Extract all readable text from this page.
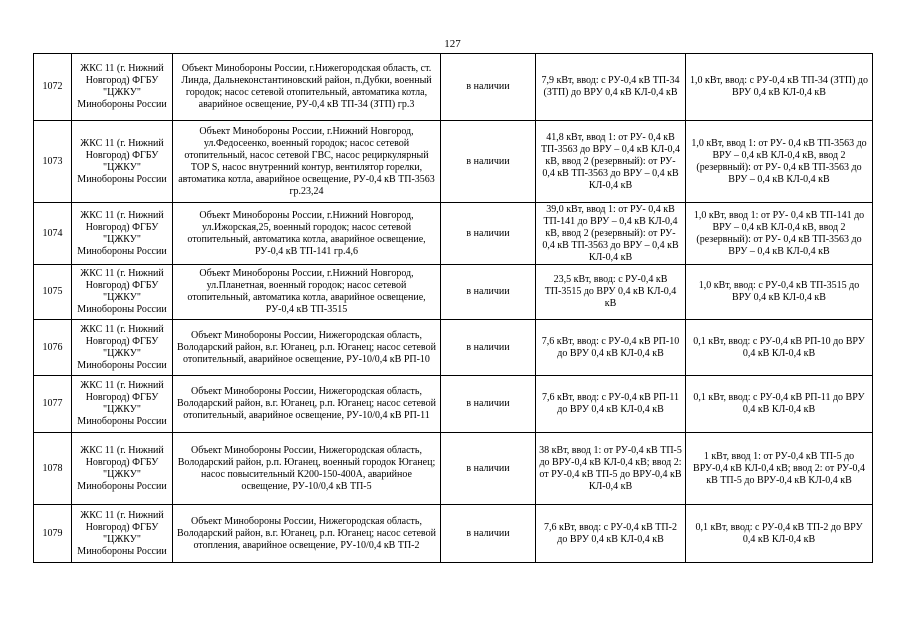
127
1072	ЖКС 11 (г. Нижний Новгород) ФГБУ "ЦЖКУ" Минобороны России	Объект Минобороны России, г.Нижегородская область, ст. Линда, Дальнеконстантиновский район, п.Дубки, военный городок; насос сетевой отопительный, автоматика котла, аварийное освещение, РУ-0,4 кВ ТП-34 (ЗТП) гр.3	в наличии	7,9 кВт, ввод: с РУ-0,4 кВ ТП-34 (ЗТП) до ВРУ 0,4 кВ КЛ-0,4 кВ	1,0 кВт, ввод: с РУ-0,4 кВ ТП-34 (ЗТП) до ВРУ 0,4 кВ КЛ-0,4 кВ
1073	ЖКС 11 (г. Нижний Новгород) ФГБУ "ЦЖКУ" Минобороны России	Объект Минобороны России, г.Нижний Новгород, ул.Федосеенко, военный городок; насос сетевой отопительный, насос сетевой ГВС, насос рециркулярный TOP S, насос внутренний контур, вентилятор горелки, автоматика котла, аварийное освещение, РУ-0,4 кВ ТП-3563 гр.23,24	в наличии	41,8 кВт, ввод 1: от РУ- 0,4 кВ ТП-3563 до ВРУ – 0,4 кВ КЛ-0,4 кВ, ввод 2 (резервный): от РУ- 0,4 кВ ТП-3563 до ВРУ – 0,4 кВ КЛ-0,4 кВ	1,0 кВт, ввод 1: от РУ- 0,4 кВ ТП-3563 до ВРУ – 0,4 кВ КЛ-0,4 кВ, ввод 2 (резервный): от РУ- 0,4 кВ ТП-3563 до ВРУ – 0,4 кВ КЛ-0,4 кВ
1074	ЖКС 11 (г. Нижний Новгород) ФГБУ "ЦЖКУ" Минобороны России	Объект Минобороны России, г.Нижний Новгород, ул.Ижорская,25, военный городок; насос сетевой отопительный, автоматика котла, аварийное освещение, РУ-0,4 кВ ТП-141 гр.4,6	в наличии	39,0 кВт, ввод 1: от РУ- 0,4 кВ ТП-141 до ВРУ – 0,4 кВ КЛ-0,4 кВ, ввод 2 (резервный): от РУ- 0,4 кВ ТП-3563 до ВРУ – 0,4 кВ КЛ-0,4 кВ	1,0 кВт, ввод 1: от РУ- 0,4 кВ ТП-141 до ВРУ – 0,4 кВ КЛ-0,4 кВ, ввод 2 (резервный): от РУ- 0,4 кВ ТП-3563 до ВРУ – 0,4 кВ КЛ-0,4 кВ
1075	ЖКС 11 (г. Нижний Новгород) ФГБУ "ЦЖКУ" Минобороны России	Объект Минобороны России, г.Нижний Новгород, ул.Планетная, военный городок; насос сетевой отопительный, автоматика котла, аварийное освещение, РУ-0,4 кВ ТП-3515	в наличии	23,5 кВт, ввод: с РУ-0,4 кВ ТП-3515 до ВРУ 0,4 кВ КЛ-0,4 кВ	1,0 кВт, ввод: с РУ-0,4 кВ ТП-3515 до ВРУ 0,4 кВ КЛ-0,4 кВ
1076	ЖКС 11 (г. Нижний Новгород) ФГБУ "ЦЖКУ" Минобороны России	Объект Минобороны России, Нижегородская область, Володарский район, в.г. Юганец, р.п. Юганец; насос сетевой отопительный, аварийное освещение, РУ-10/0,4 кВ РП-10	в наличии	7,6 кВт, ввод: с РУ-0,4 кВ РП-10 до ВРУ 0,4 кВ КЛ-0,4 кВ	0,1 кВт, ввод: с РУ-0,4 кВ РП-10 до ВРУ 0,4 кВ КЛ-0,4 кВ
1077	ЖКС 11 (г. Нижний Новгород) ФГБУ "ЦЖКУ" Минобороны России	Объект Минобороны России, Нижегородская область, Володарский район, в.г. Юганец, р.п. Юганец; насос сетевой отопительный, аварийное освещение, РУ-10/0,4 кВ РП-11	в наличии	7,6 кВт, ввод: с РУ-0,4 кВ РП-11 до ВРУ 0,4 кВ КЛ-0,4 кВ	0,1 кВт, ввод: с РУ-0,4 кВ РП-11 до ВРУ 0,4 кВ КЛ-0,4 кВ
1078	ЖКС 11 (г. Нижний Новгород) ФГБУ "ЦЖКУ" Минобороны России	Объект Минобороны России, Нижегородская область, Володарский район, р.п. Юганец, военный городок Юганец; насос повысительный К200-150-400А, аварийное освещение, РУ-10/0,4 кВ ТП-5	в наличии	38 кВт, ввод 1: от РУ-0,4 кВ ТП-5 до ВРУ-0,4 кВ КЛ-0,4 кВ; ввод 2: от РУ-0,4 кВ ТП-5 до ВРУ-0,4 кВ КЛ-0,4 кВ	1 кВт, ввод 1: от РУ-0,4 кВ ТП-5 до ВРУ-0,4 кВ КЛ-0,4 кВ; ввод 2: от РУ-0,4 кВ ТП-5 до ВРУ-0,4 кВ КЛ-0,4 кВ
1079	ЖКС 11 (г. Нижний Новгород) ФГБУ "ЦЖКУ" Минобороны России	Объект Минобороны России, Нижегородская область, Володарский район, в.г. Юганец, р.п. Юганец; насос сетевой отопления, аварийное освещение, РУ-10/0,4 кВ ТП-2	в наличии	7,6 кВт, ввод: с РУ-0,4 кВ ТП-2 до ВРУ 0,4 кВ КЛ-0,4 кВ	0,1 кВт, ввод: с РУ-0,4 кВ ТП-2 до ВРУ 0,4 кВ КЛ-0,4 кВ
